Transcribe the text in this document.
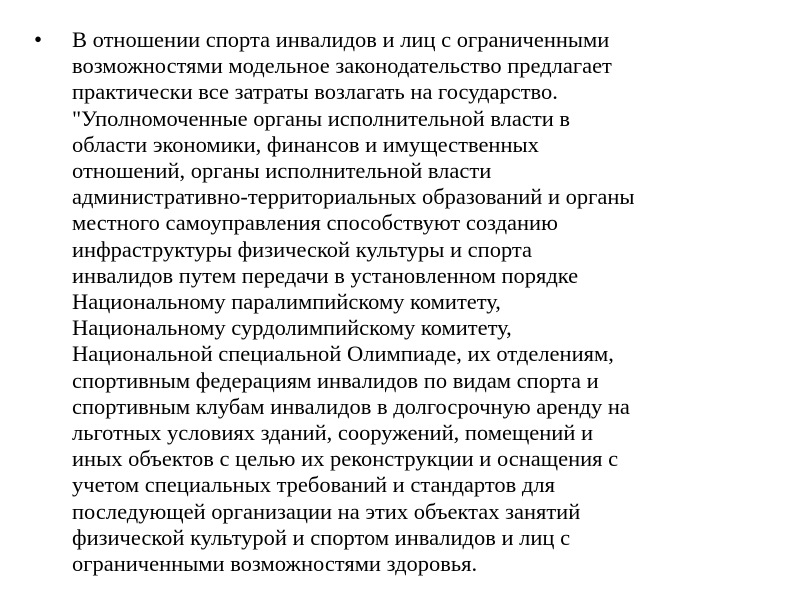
• В отношении спорта инвалидов и лиц с ограниченными
возможностями модельное законодательство предлагает
практически все затраты возлагать на государство.
"Уполномоченные органы исполнительной власти в
области экономики, финансов и имущественных
отношений, органы исполнительной власти
административно-территориальных образований и органы
местного самоуправления способствуют созданию
инфраструктуры физической культуры и спорта
инвалидов путем передачи в установленном порядке
Национальному паралимпийскому комитету,
Национальному сурдолимпийскому комитету,
Национальной специальной Олимпиаде, их отделениям,
спортивным федерациям инвалидов по видам спорта и
спортивным клубам инвалидов в долгосрочную аренду на
льготных условиях зданий, сооружений, помещений и
иных объектов с целью их реконструкции и оснащения с
учетом специальных требований и стандартов для
последующей организации на этих объектах занятий
физической культурой и спортом инвалидов и лиц с
ограниченными возможностями здоровья.
